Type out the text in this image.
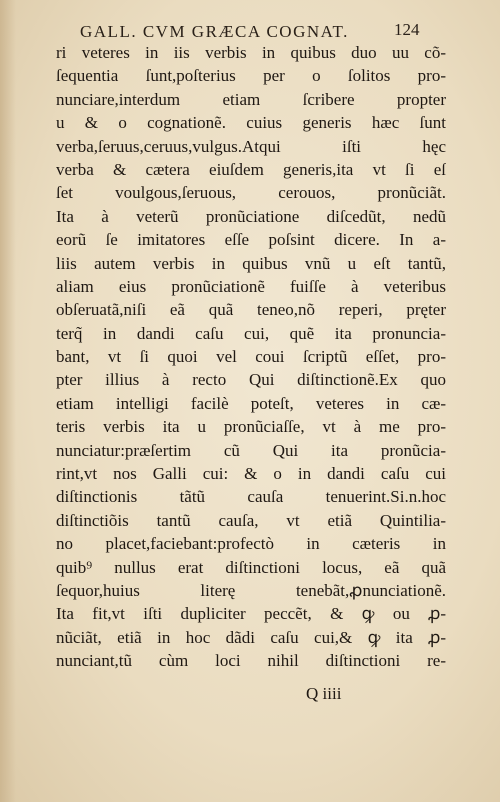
GALL. CVM GRÆCA COGNAT.	124
ri veteres in iis verbis in quibus duo uu cõ-
ſequentia ſunt,poſterius per o ſolitos pro-
nunciare,interdum etiam ſcribere propter
u & o cognationẽ. cuius generis hæc ſunt
verba,ſeruus,ceruus,vulgus.Atqui iſti hęc
verba & cætera eiuſdem generis,ita vt ſi eſ
ſet voulgous,ſeruous, cerouos, pronũciãt.
Ita à veterũ pronũciatione diſcedũt, nedũ
eorũ ſe imitatores eſſe poſsint dicere. In a-
liis autem verbis in quibus vnũ u eſt tantũ,
aliam eius pronũciationẽ fuiſſe à veteribus
obſeruatã,niſi eã quã teneo,nõ reperi, pręter
terq̃ in dandi caſu cui, quẽ ita pronuncia-
bant, vt ſi quoi vel coui ſcriptũ eſſet, pro-
pter illius à recto Qui diſtinctionẽ.Ex quo
etiam intelligi facilè poteſt, veteres in cæ-
teris verbis ita u pronũciaſſe, vt à me pro-
nunciatur:præſertim cũ Qui ita pronũcia-
rint,vt nos Galli cui: & o in dandi caſu cui
diſtinctionis tãtũ cauſa tenuerint.Si.n.hoc
diſtinctiõis tantũ cauſa, vt etiã Quintilia-
no placet,faciebant:profectò in cæteris in
quib⁹ nullus erat diſtinctioni locus, eã quã
ſequor,huius literę tenebãt,ꝓnunciationẽ.
Ita fit,vt iſti dupliciter peccẽt, & ꝙ ou ꝓ-
nũciãt, etiã in hoc dãdi caſu cui,& ꝙ ita ꝓ-
nunciant,tũ cùm loci nihil diſtinctioni re-
Q iiii
